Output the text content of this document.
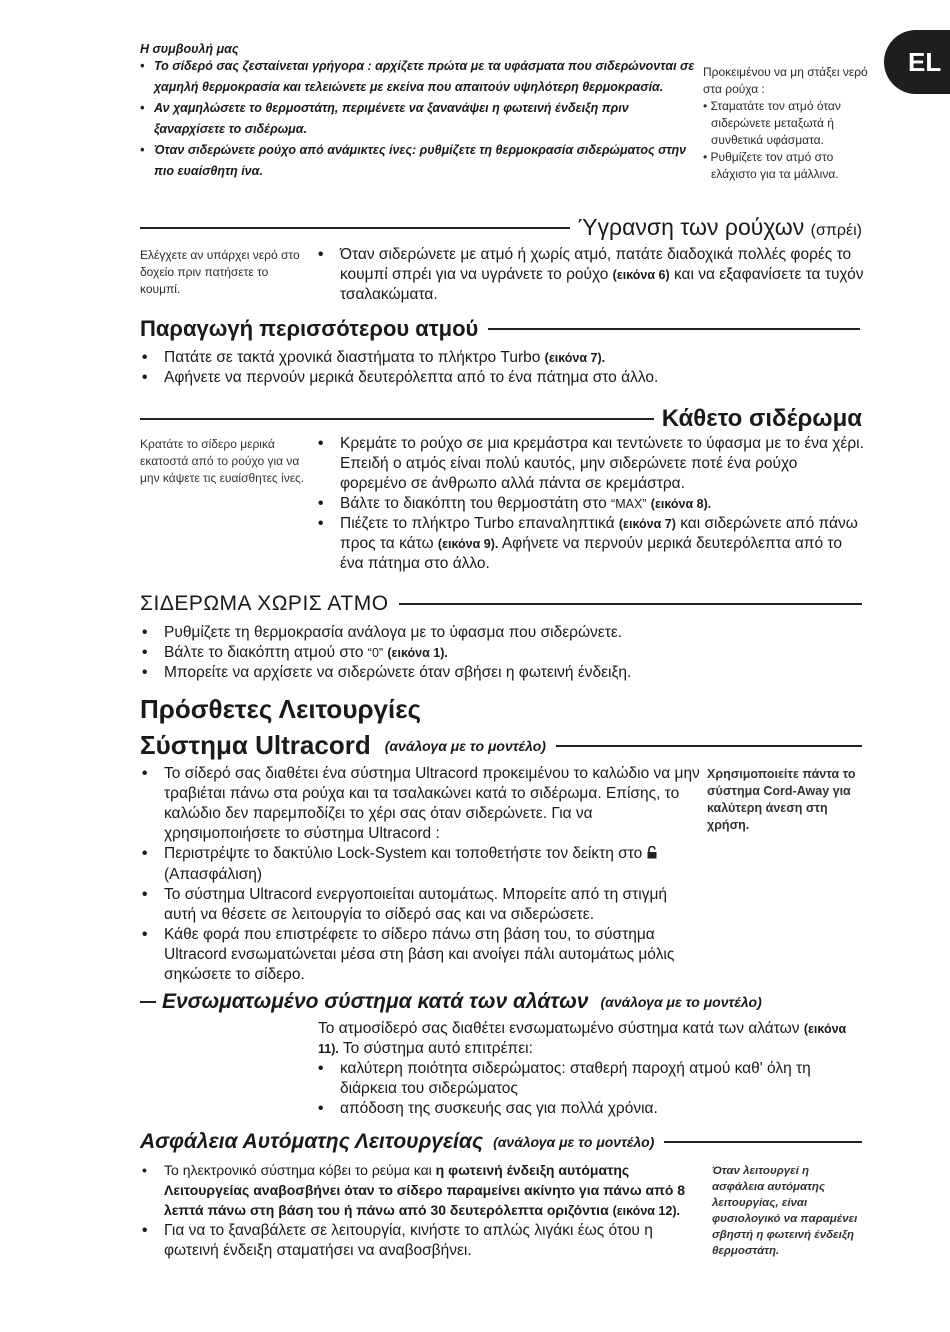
EL
Η συμβουλή μας
• Το σίδερό σας ζεσταίνεται γρήγορα : αρχίζετε πρώτα με τα υφάσματα που σιδερώνονται σε χαμηλή θερμοκρασία και τελειώνετε με εκείνα που απαιτούν υψηλότερη θερμοκρασία.
• Αν χαμηλώσετε το θερμοστάτη, περιμένετε να ξανανάψει η φωτεινή ένδειξη πριν ξαναρχίσετε το σιδέρωμα.
• Όταν σιδερώνετε ρούχο από ανάμικτες ίνες: ρυθμίζετε τη θερμοκρασία σιδερώματος στην πιο ευαίσθητη ίνα.
Προκειμένου να μη στάξει νερό στα ρούχα :
• Σταματάτε τον ατμό όταν σιδερώνετε μεταξωτά ή συνθετικά υφάσματα.
• Ρυθμίζετε τον ατμό στο ελάχιστο για τα μάλλινα.
Ύγρανση των ρούχων (σπρέι)
Ελέγχετε αν υπάρχει νερό στο δοχείο πριν πατήσετε το κουμπί.
• Όταν σιδερώνετε με ατμό ή χωρίς ατμό, πατάτε διαδοχικά πολλές φορές το κουμπί σπρέι για να υγράνετε το ρούχο (εικόνα 6) και να εξαφανίσετε τα τυχόν τσαλακώματα.
Παραγωγή περισσότερου ατμού
• Πατάτε σε τακτά χρονικά διαστήματα το πλήκτρο Turbo (εικόνα 7).
• Αφήνετε να περνούν μερικά δευτερόλεπτα από το ένα πάτημα στο άλλο.
Κάθετο σιδέρωμα
Κρατάτε το σίδερο μερικά εκατοστά από το ρούχο για να μην κάψετε τις ευαίσθητες ίνες.
• Κρεμάτε το ρούχο σε μια κρεμάστρα και τεντώνετε το ύφασμα με το ένα χέρι. Επειδή ο ατμός είναι πολύ καυτός, μην σιδερώνετε ποτέ ένα ρούχο φορεμένο σε άνθρωπο αλλά πάντα σε κρεμάστρα.
• Βάλτε το διακόπτη του θερμοστάτη στο “MAX” (εικόνα 8).
• Πιέζετε το πλήκτρο Turbo επαναληπτικά (εικόνα 7) και σιδερώνετε από πάνω προς τα κάτω (εικόνα 9). Αφήνετε να περνούν μερικά δευτερόλεπτα από το ένα πάτημα στο άλλο.
ΣΙΔΕΡΩΜΑ ΧΩΡΙΣ ΑΤΜΟ
• Ρυθμίζετε τη θερμοκρασία ανάλογα με το ύφασμα που σιδερώνετε.
• Βάλτε το διακόπτη ατμού στο “0” (εικόνα 1).
• Μπορείτε να αρχίσετε να σιδερώνετε όταν σβήσει η φωτεινή ένδειξη.
Πρόσθετες Λειτουργίες
Σύστημα Ultracord (ανάλογα με το μοντέλο)
Χρησιμοποιείτε πάντα το σύστημα Cord-Away για καλύτερη άνεση στη χρήση.
• Το σίδερό σας διαθέτει ένα σύστημα Ultracord προκειμένου το καλώδιο να μην τραβιέται πάνω στα ρούχα και τα τσαλακώνει κατά το σιδέρωμα. Επίσης, το καλώδιο δεν παρεμποδίζει το χέρι σας όταν σιδερώνετε. Για να χρησιμοποιήσετε το σύστημα Ultracord :
• Περιστρέψτε το δακτύλιο Lock-System και τοποθετήστε τον δείκτη στο  (Απασφάλιση)
• Το σύστημα Ultracord ενεργοποιείται αυτομάτως. Μπορείτε από τη στιγμή αυτή να θέσετε σε λειτουργία το σίδερό σας και να σιδερώσετε.
• Κάθε φορά που επιστρέφετε το σίδερο πάνω στη βάση του, το σύστημα Ultracord ενσωματώνεται μέσα στη βάση και ανοίγει πάλι αυτομάτως μόλις σηκώσετε το σίδερο.
Ενσωματωμένο σύστημα κατά των αλάτων (ανάλογα με το μοντέλο)
Το ατμοσίδερό σας διαθέτει ενσωματωμένο σύστημα κατά των αλάτων (εικόνα 11). Το σύστημα αυτό επιτρέπει:
• καλύτερη ποιότητα σιδερώματος: σταθερή παροχή ατμού καθ' όλη τη διάρκεια του σιδερώματος
• απόδοση της συσκευής σας για πολλά χρόνια.
Ασφάλεια Αυτόματης Λειτουργείας (ανάλογα με το μοντέλο)
Όταν λειτουργεί η ασφάλεια αυτόματης λειτουργίας, είναι φυσιολογικό να παραμένει σβηστή η φωτεινή ένδειξη θερμοστάτη.
• Το ηλεκτρονικό σύστημα κόβει το ρεύμα και η φωτεινή ένδειξη αυτόματης Λειτουργείας αναβοσβήνει όταν το σίδερο παραμείνει ακίνητο για πάνω από 8 λεπτά πάνω στη βάση του ή πάνω από 30 δευτερόλεπτα οριζόντια (εικόνα 12).
• Για να το ξαναβάλετε σε λειτουργία, κινήστε το απλώς λιγάκι έως ότου η φωτεινή ένδειξη σταματήσει να αναβοσβήνει.
